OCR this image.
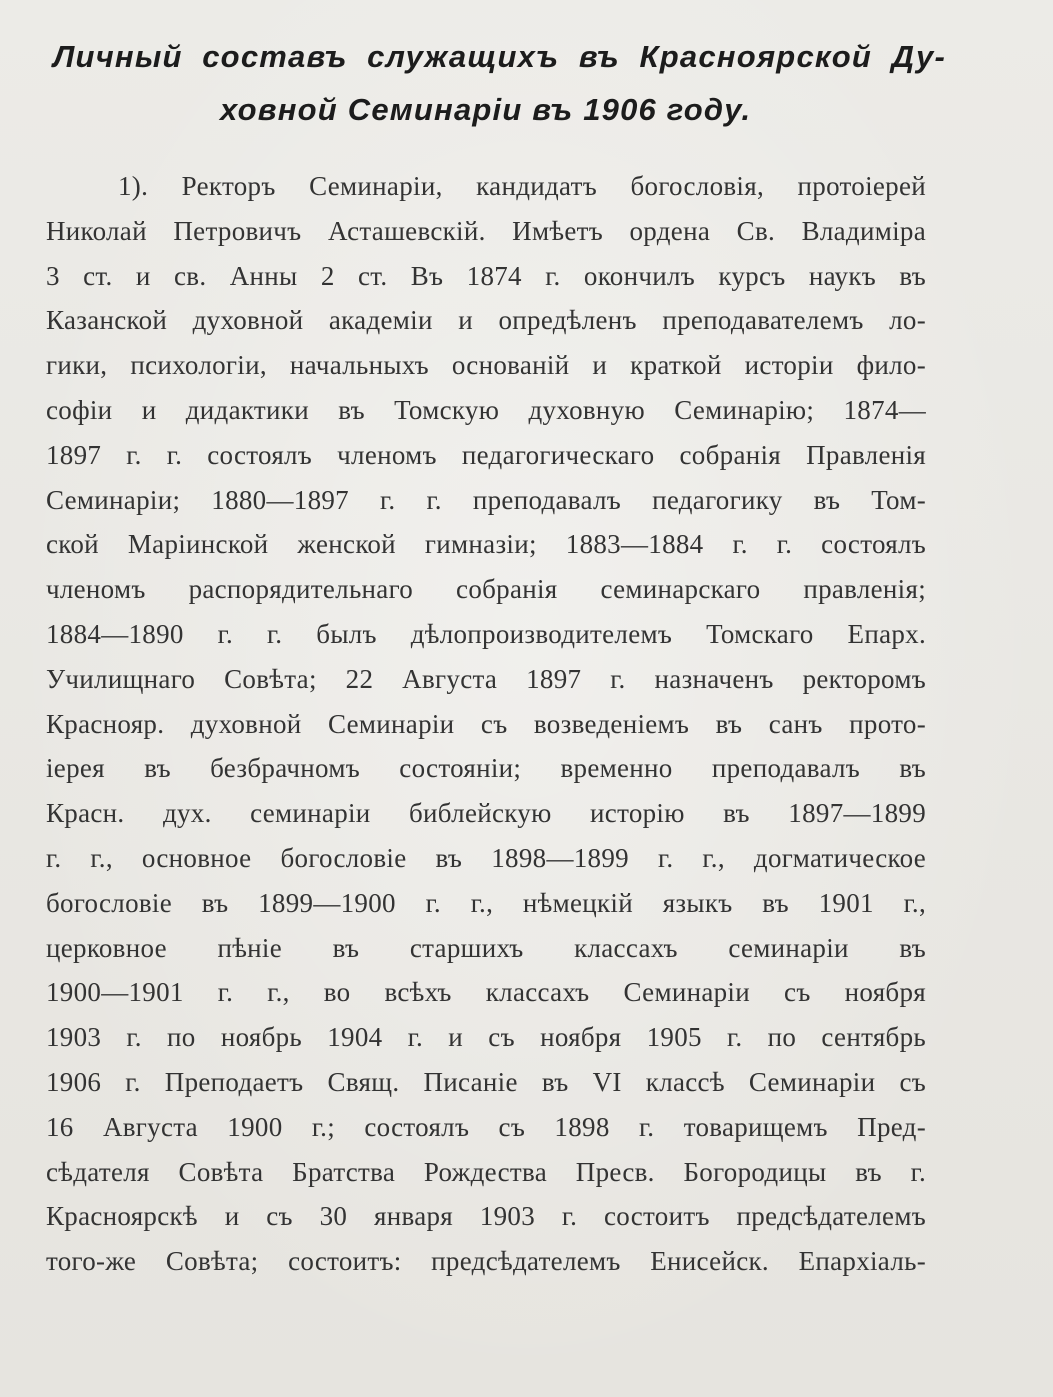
Личный составъ служащихъ въ Красноярской Ду-
ховной Семинаріи въ 1906 году.
1). Ректоръ Семинаріи, кандидатъ богословія, протоіерей
Николай Петровичъ Асташевскій. Имѣетъ ордена Св. Владиміра
3 ст. и св. Анны 2 ст. Въ 1874 г. окончилъ курсъ наукъ въ
Казанской духовной академіи и опредѣленъ преподавателемъ ло-
гики, психологіи, начальныхъ основаній и краткой исторіи фило-
софіи и дидактики въ Томскую духовную Семинарію; 1874—
1897 г. г. состоялъ членомъ педагогическаго собранія Правленія
Семинаріи; 1880—1897 г. г. преподавалъ педагогику въ Том-
ской Маріинской женской гимназіи; 1883—1884 г. г. состоялъ
членомъ распорядительнаго собранія семинарскаго правленія;
1884—1890 г. г. былъ дѣлопроизводителемъ Томскаго Епарх.
Училищнаго Совѣта; 22 Августа 1897 г. назначенъ ректоромъ
Краснояр. духовной Семинаріи съ возведеніемъ въ санъ прото-
іерея въ безбрачномъ состояніи; временно преподавалъ въ
Красн. дух. семинаріи библейскую исторію въ 1897—1899
г. г., основное богословіе въ 1898—1899 г. г., догматическое
богословіе въ 1899—1900 г. г., нѣмецкій языкъ въ 1901 г.,
церковное пѣніе въ старшихъ классахъ семинаріи въ
1900—1901 г. г., во всѣхъ классахъ Семинаріи съ ноября
1903 г. по ноябрь 1904 г. и съ ноября 1905 г. по сентябрь
1906 г. Преподаетъ Свящ. Писаніе въ VI классѣ Семинаріи съ
16 Августа 1900 г.; состоялъ съ 1898 г. товарищемъ Пред-
сѣдателя Совѣта Братства Рождества Пресв. Богородицы въ г.
Красноярскѣ и съ 30 января 1903 г. состоитъ предсѣдателемъ
того-же Совѣта; состоитъ: предсѣдателемъ Енисейск. Епархіаль-
